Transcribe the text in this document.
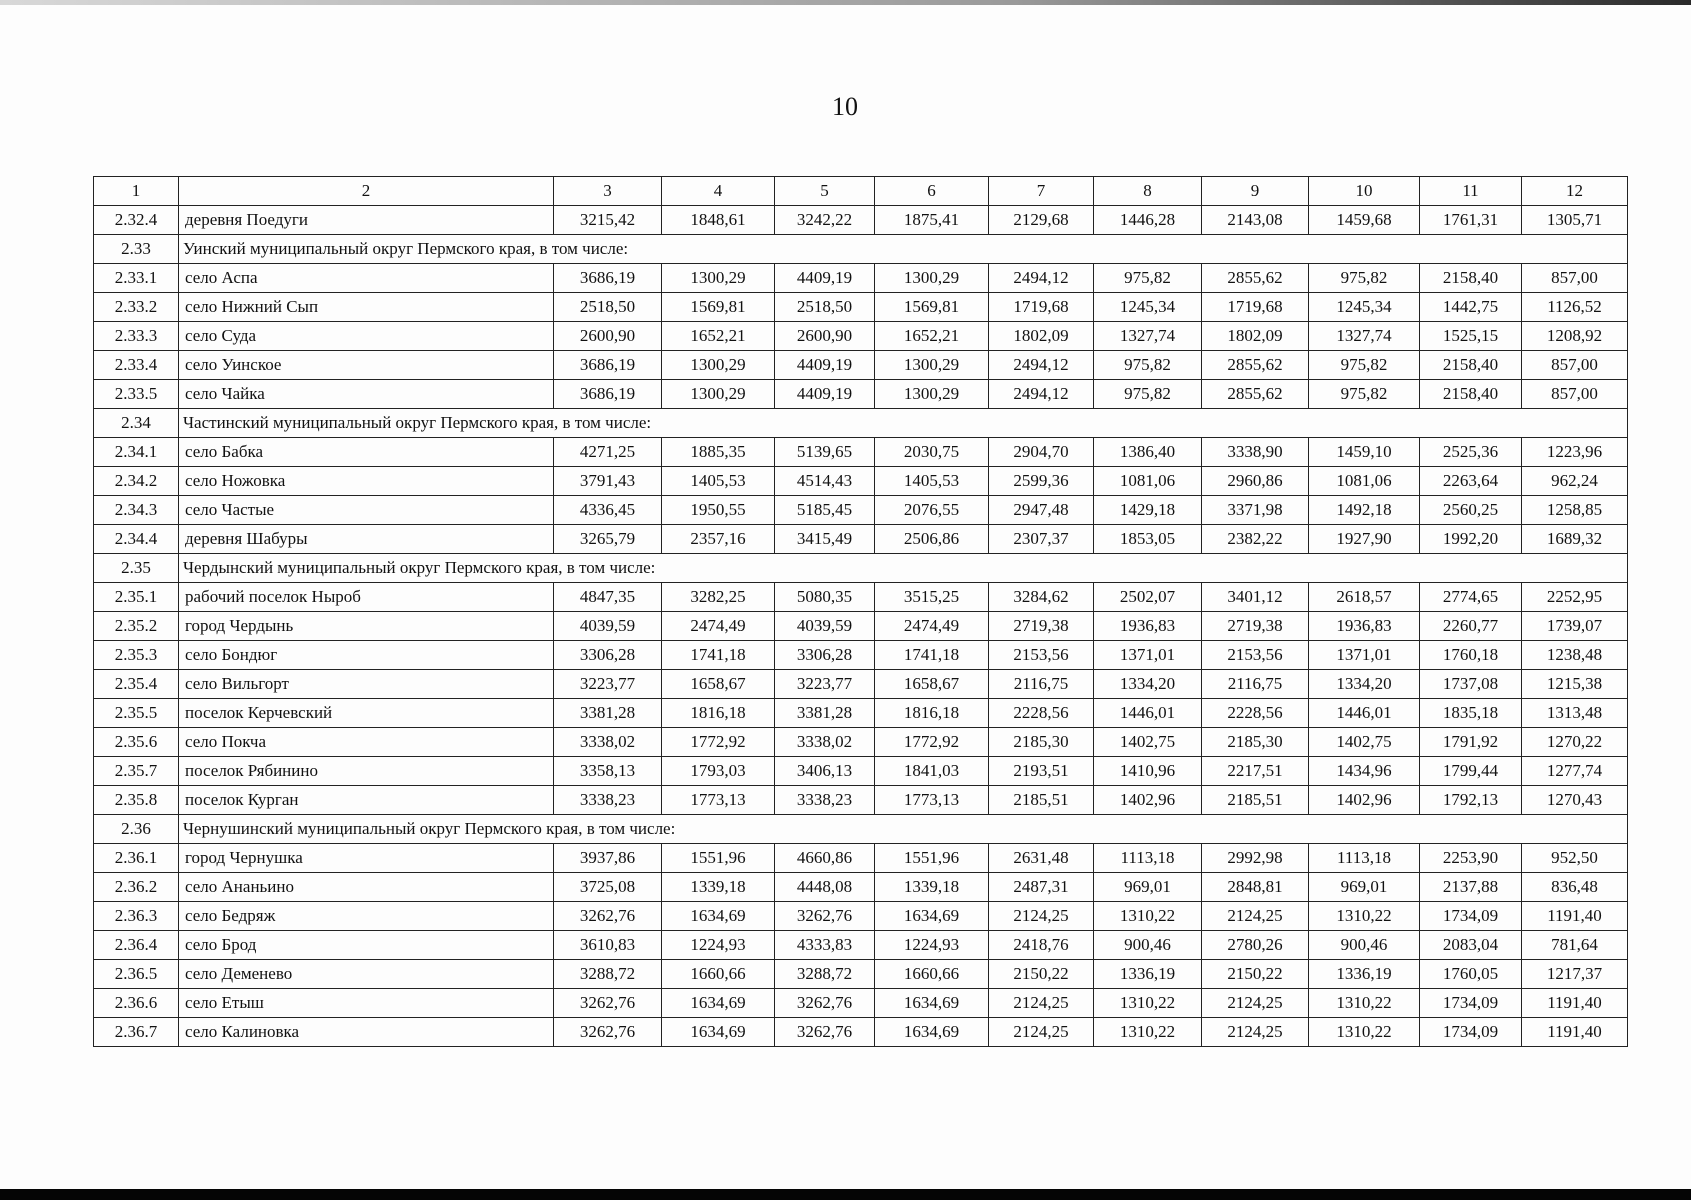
10
1	2	3	4	5	6	7	8	9	10	11	12
2.32.4	деревня Поедуги	3215,42	1848,61	3242,22	1875,41	2129,68	1446,28	2143,08	1459,68	1761,31	1305,71
2.33	Уинский муниципальный округ Пермского края, в том числе:										
2.33.1	село Аспа	3686,19	1300,29	4409,19	1300,29	2494,12	975,82	2855,62	975,82	2158,40	857,00
2.33.2	село Нижний Сып	2518,50	1569,81	2518,50	1569,81	1719,68	1245,34	1719,68	1245,34	1442,75	1126,52
2.33.3	село Суда	2600,90	1652,21	2600,90	1652,21	1802,09	1327,74	1802,09	1327,74	1525,15	1208,92
2.33.4	село Уинское	3686,19	1300,29	4409,19	1300,29	2494,12	975,82	2855,62	975,82	2158,40	857,00
2.33.5	село Чайка	3686,19	1300,29	4409,19	1300,29	2494,12	975,82	2855,62	975,82	2158,40	857,00
2.34	Частинский муниципальный округ Пермского края, в том числе:										
2.34.1	село Бабка	4271,25	1885,35	5139,65	2030,75	2904,70	1386,40	3338,90	1459,10	2525,36	1223,96
2.34.2	село Ножовка	3791,43	1405,53	4514,43	1405,53	2599,36	1081,06	2960,86	1081,06	2263,64	962,24
2.34.3	село Частые	4336,45	1950,55	5185,45	2076,55	2947,48	1429,18	3371,98	1492,18	2560,25	1258,85
2.34.4	деревня Шабуры	3265,79	2357,16	3415,49	2506,86	2307,37	1853,05	2382,22	1927,90	1992,20	1689,32
2.35	Чердынский муниципальный округ Пермского края, в том числе:										
2.35.1	рабочий поселок Ныроб	4847,35	3282,25	5080,35	3515,25	3284,62	2502,07	3401,12	2618,57	2774,65	2252,95
2.35.2	город Чердынь	4039,59	2474,49	4039,59	2474,49	2719,38	1936,83	2719,38	1936,83	2260,77	1739,07
2.35.3	село Бондюг	3306,28	1741,18	3306,28	1741,18	2153,56	1371,01	2153,56	1371,01	1760,18	1238,48
2.35.4	село Вильгорт	3223,77	1658,67	3223,77	1658,67	2116,75	1334,20	2116,75	1334,20	1737,08	1215,38
2.35.5	поселок Керчевский	3381,28	1816,18	3381,28	1816,18	2228,56	1446,01	2228,56	1446,01	1835,18	1313,48
2.35.6	село Покча	3338,02	1772,92	3338,02	1772,92	2185,30	1402,75	2185,30	1402,75	1791,92	1270,22
2.35.7	поселок Рябинино	3358,13	1793,03	3406,13	1841,03	2193,51	1410,96	2217,51	1434,96	1799,44	1277,74
2.35.8	поселок Курган	3338,23	1773,13	3338,23	1773,13	2185,51	1402,96	2185,51	1402,96	1792,13	1270,43
2.36	Чернушинский муниципальный округ Пермского края, в том числе:										
2.36.1	город Чернушка	3937,86	1551,96	4660,86	1551,96	2631,48	1113,18	2992,98	1113,18	2253,90	952,50
2.36.2	село Ананьино	3725,08	1339,18	4448,08	1339,18	2487,31	969,01	2848,81	969,01	2137,88	836,48
2.36.3	село Бедряж	3262,76	1634,69	3262,76	1634,69	2124,25	1310,22	2124,25	1310,22	1734,09	1191,40
2.36.4	село Брод	3610,83	1224,93	4333,83	1224,93	2418,76	900,46	2780,26	900,46	2083,04	781,64
2.36.5	село Деменево	3288,72	1660,66	3288,72	1660,66	2150,22	1336,19	2150,22	1336,19	1760,05	1217,37
2.36.6	село Етыш	3262,76	1634,69	3262,76	1634,69	2124,25	1310,22	2124,25	1310,22	1734,09	1191,40
2.36.7	село Калиновка	3262,76	1634,69	3262,76	1634,69	2124,25	1310,22	2124,25	1310,22	1734,09	1191,40
